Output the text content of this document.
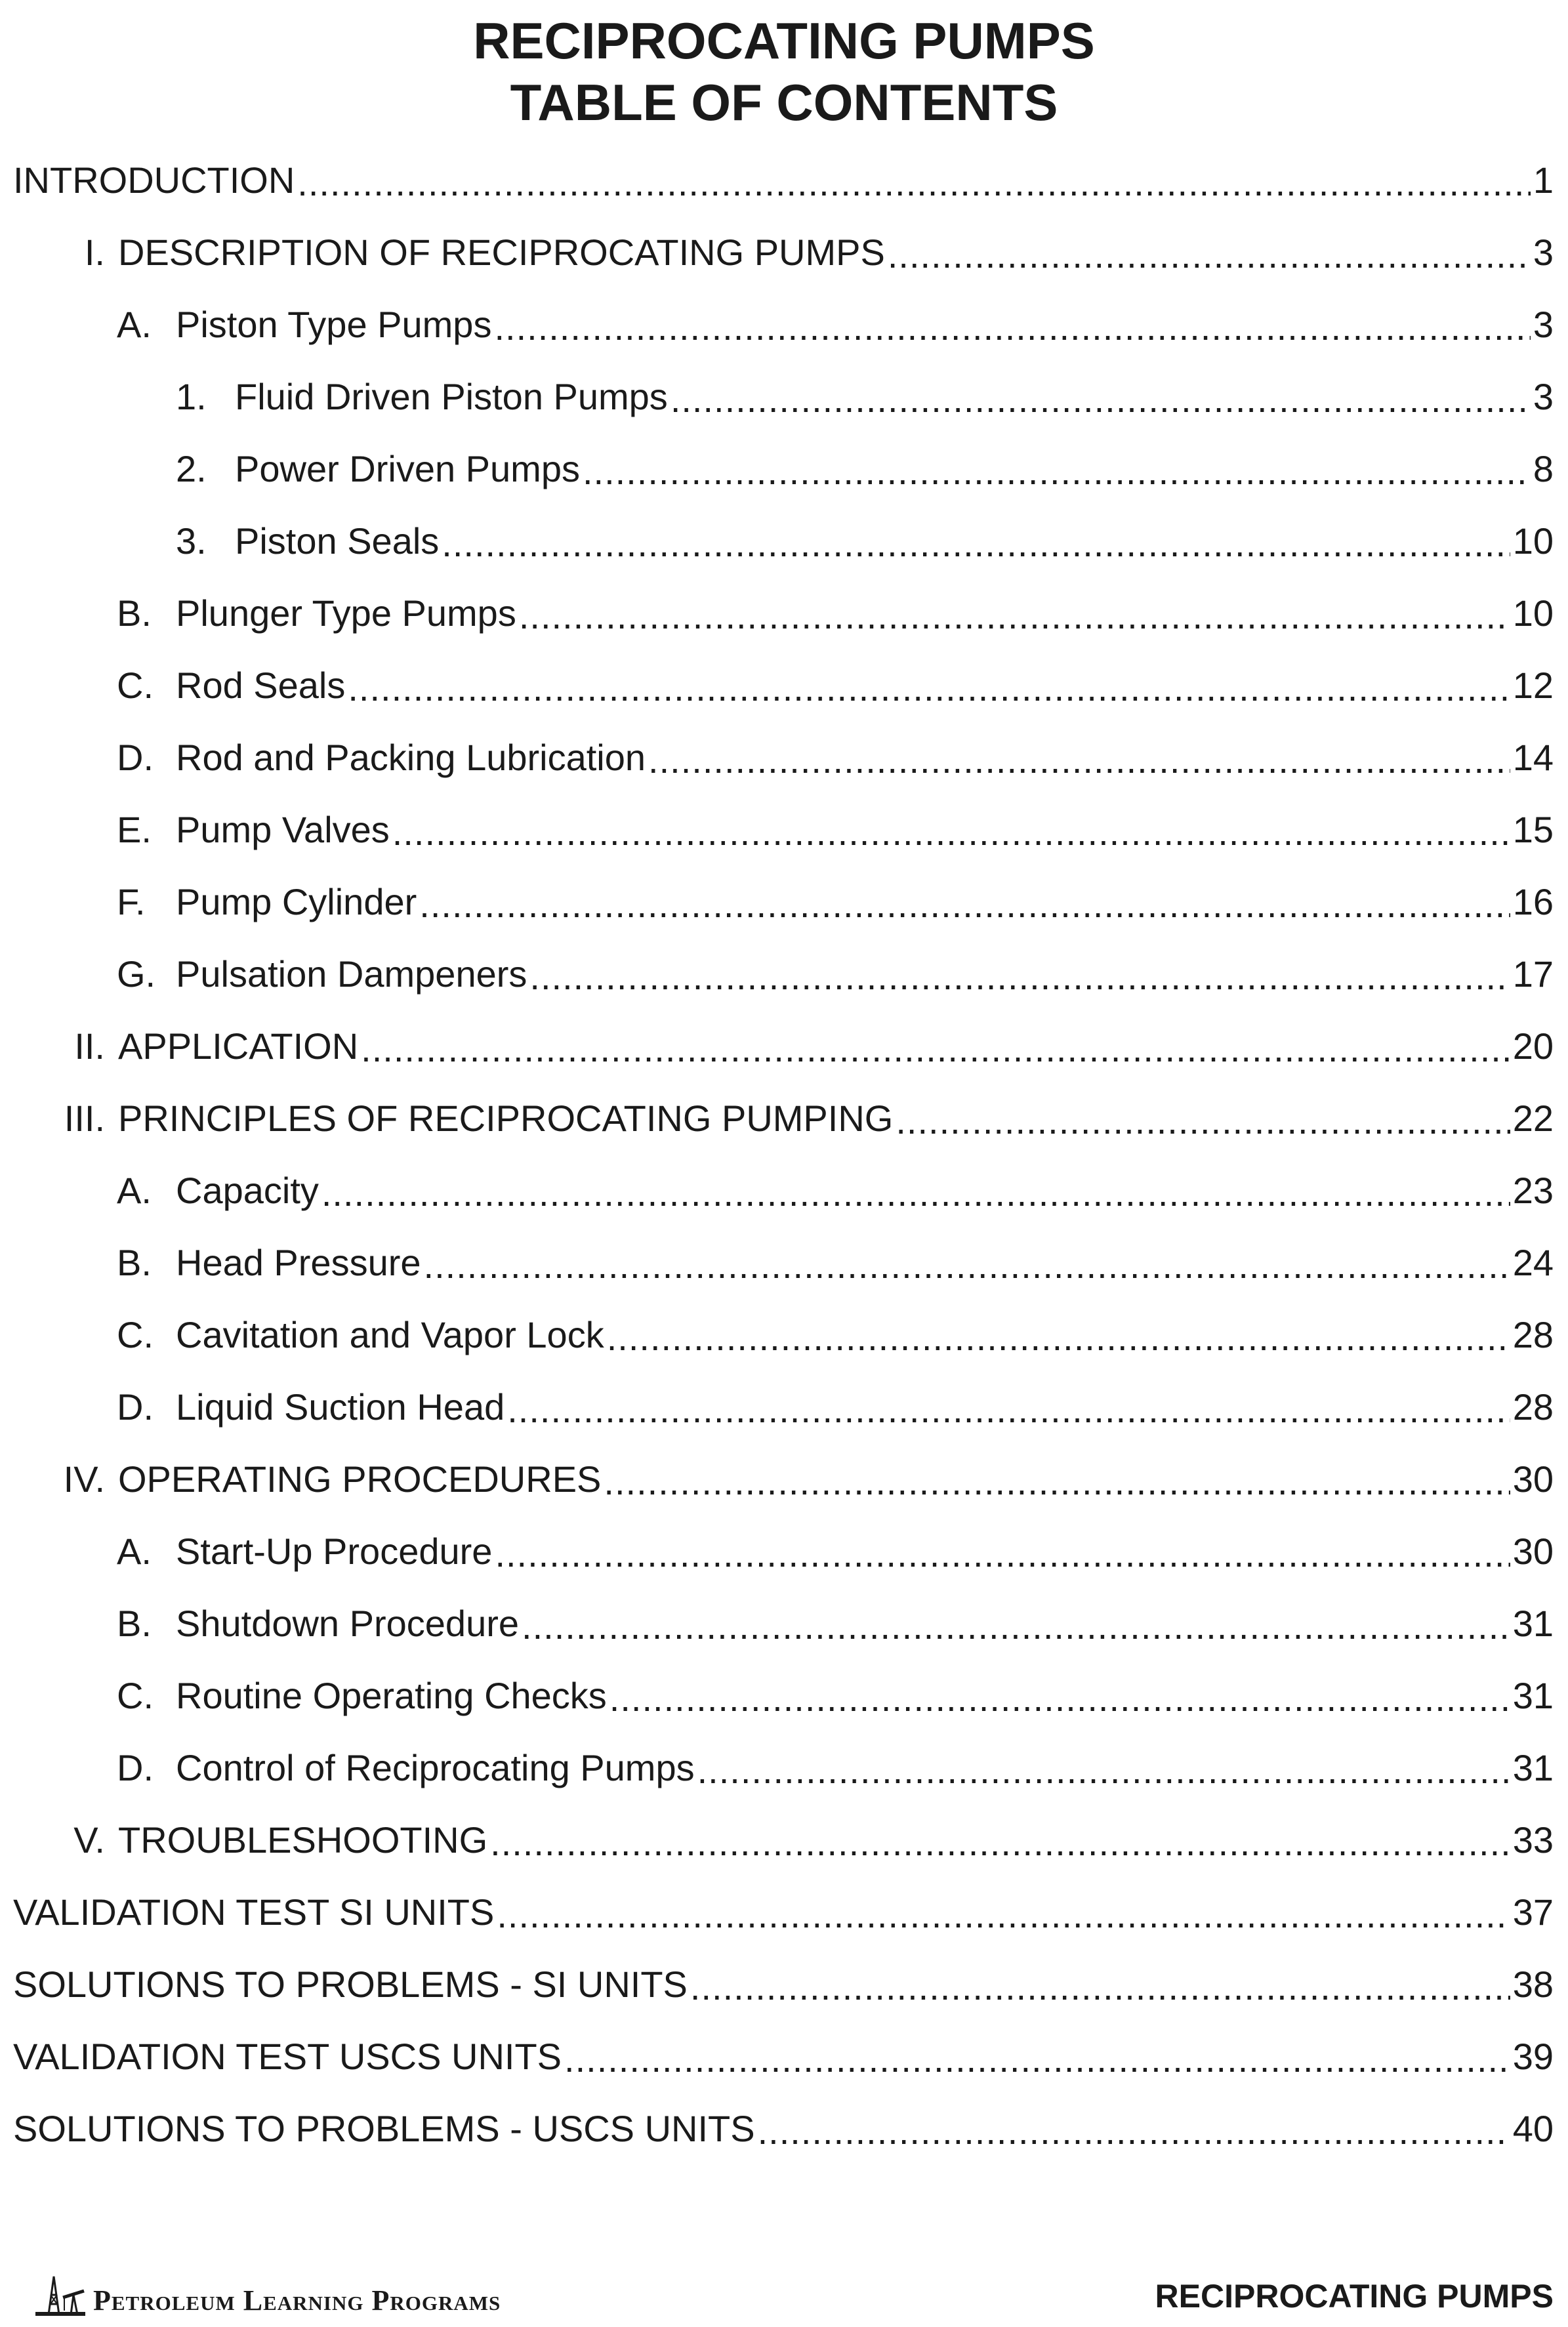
RECIPROCATING PUMPS
TABLE OF CONTENTS
INTRODUCTION .....	1
I. DESCRIPTION OF RECIPROCATING PUMPS .....	3
A. Piston Type Pumps .....	3
1. Fluid Driven Piston Pumps .....	3
2. Power Driven Pumps .....	8
3. Piston Seals .....	10
B. Plunger Type Pumps .....	10
C. Rod Seals .....	12
D. Rod and Packing Lubrication .....	14
E. Pump Valves .....	15
F. Pump Cylinder .....	16
G. Pulsation Dampeners .....	17
II. APPLICATION .....	20
III. PRINCIPLES OF RECIPROCATING PUMPING .....	22
A. Capacity .....	23
B. Head Pressure .....	24
C. Cavitation and Vapor Lock .....	28
D. Liquid Suction Head .....	28
IV. OPERATING PROCEDURES .....	30
A. Start-Up Procedure .....	30
B. Shutdown Procedure .....	31
C. Routine Operating Checks .....	31
D. Control of Reciprocating Pumps .....	31
V. TROUBLESHOOTING .....	33
VALIDATION TEST SI UNITS .....	37
SOLUTIONS TO PROBLEMS - SI UNITS .....	38
VALIDATION TEST USCS UNITS .....	39
SOLUTIONS TO PROBLEMS - USCS UNITS .....	40
Petroleum Learning Programs	RECIPROCATING PUMPS
